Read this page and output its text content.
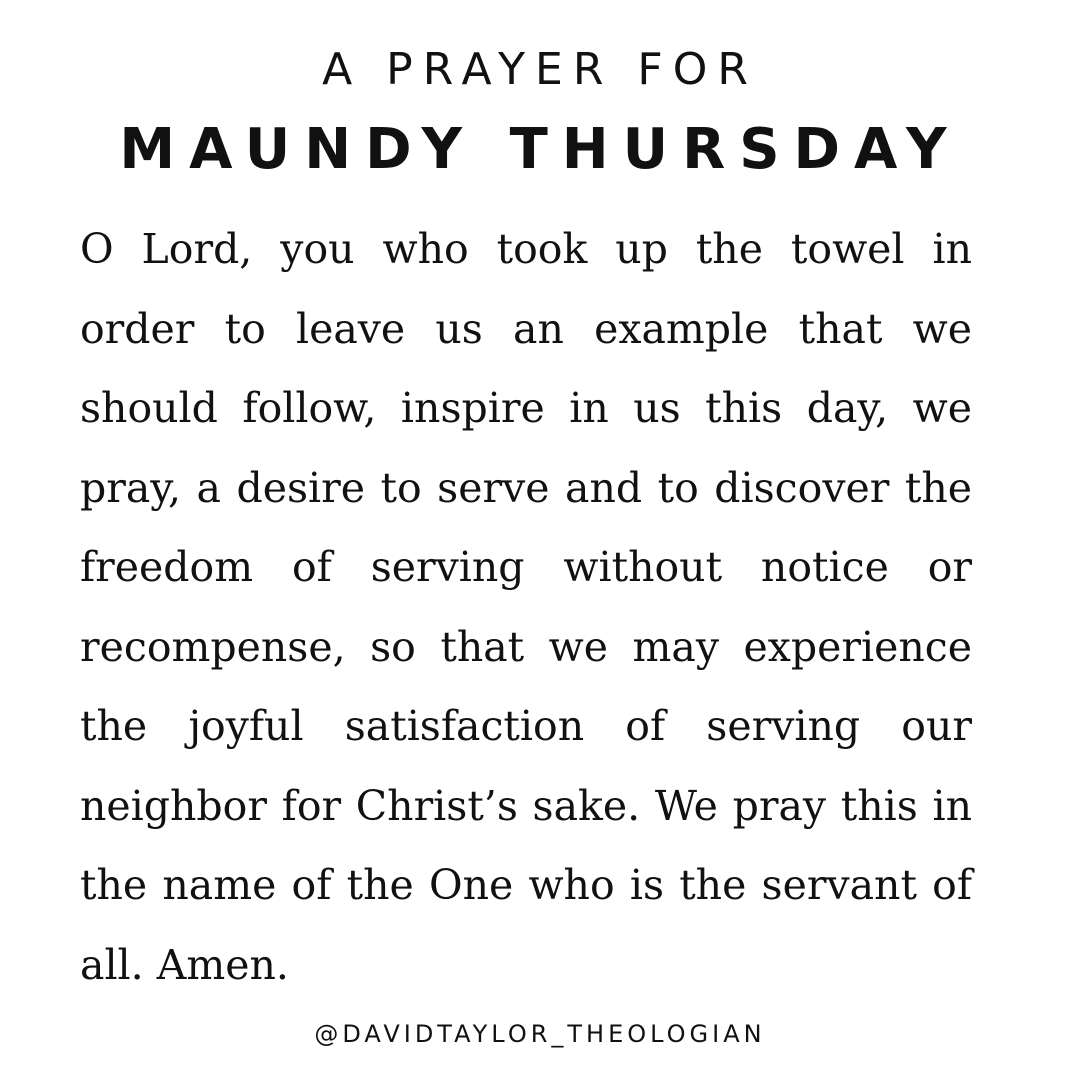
A PRAYER FOR
MAUNDY THURSDAY

O Lord, you who took up the towel in order to leave us an example that we should follow, inspire in us this day, we pray, a desire to serve and to discover the freedom of serving without notice or recompense, so that we may experience the joyful satisfaction of serving our neighbor for Christ’s sake. We pray this in the name of the One who is the servant of all. Amen.

@DAVIDTAYLOR_THEOLOGIAN
